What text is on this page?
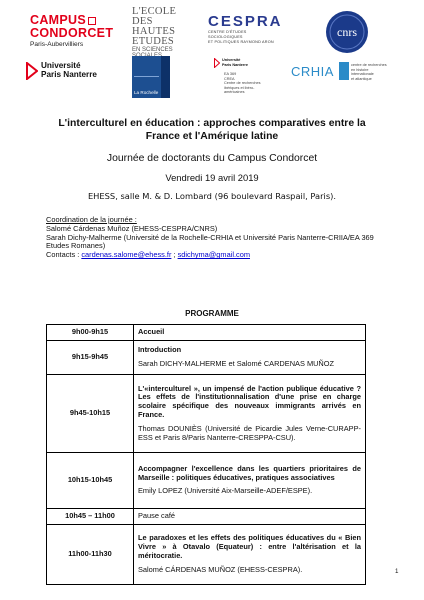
CAMPUS
CONDORCET
Paris-Aubervilliers
Université
Paris Nanterre
L'ECOLE
DES HAUTES
ETUDES
EN SCIENCES
La Rochelle
CESPRA
CENTRE D'ÉTUDES SOCIOLOGIQUES
ET POLITIQUES RAYMOND ARON
cnrs
Université
Paris Nanterre
EA 369
CREA
Centre de recherches
ibériques et ibéro-américaines
CRHIA	centre de recherches
en histoire internationale
et atlantique
L'interculturel en éducation : approches comparatives entre la
France et l'Amérique latine
Journée de doctorants du Campus Condorcet
Vendredi 19 avril 2019
EHESS, salle M. & D. Lombard (96 boulevard Raspail, Paris).
Coordination de la journée :
Salomé Cárdenas Muñoz (EHESS-CESPRA/CNRS)
Sarah Dichy-Malherme (Université de la Rochelle-CRHIA et Université Paris Nanterre-CRIIA/EA 369 Etudes Romanes)
Contacts : cardenas.salome@ehess.fr ; sdichyma@gmail.com
PROGRAMME
9h00-9h15	Accueil

9h15-9h45	Introduction
Sarah DICHY-MALHERME et Salomé CARDENAS MUÑOZ

9h45-10h15	L'«interculturel », un impensé de l'action publique éducative ? Les effets de l'institutionnalisation d'une prise en charge scolaire spécifique des nouveaux immigrants arrivés en France.
Thomas DOUNIÈS (Université de Picardie Jules Verne-CURAPP-ESS et Paris 8/Paris Nanterre-CRESPPA-CSU).

10h15-10h45	Accompagner l'excellence dans les quartiers prioritaires de Marseille : politiques éducatives, pratiques associatives
Emily LOPEZ (Université Aix-Marseille-ADEF/ESPE).

10h45 – 11h00	Pause café

11h00-11h30	Le paradoxes et les effets des politiques éducatives du « Bien Vivre » à Otavalo (Equateur) : entre l'altérisation et la méritocratie.
Salomé CÁRDENAS MUÑOZ (EHESS-CESPRA).	1
